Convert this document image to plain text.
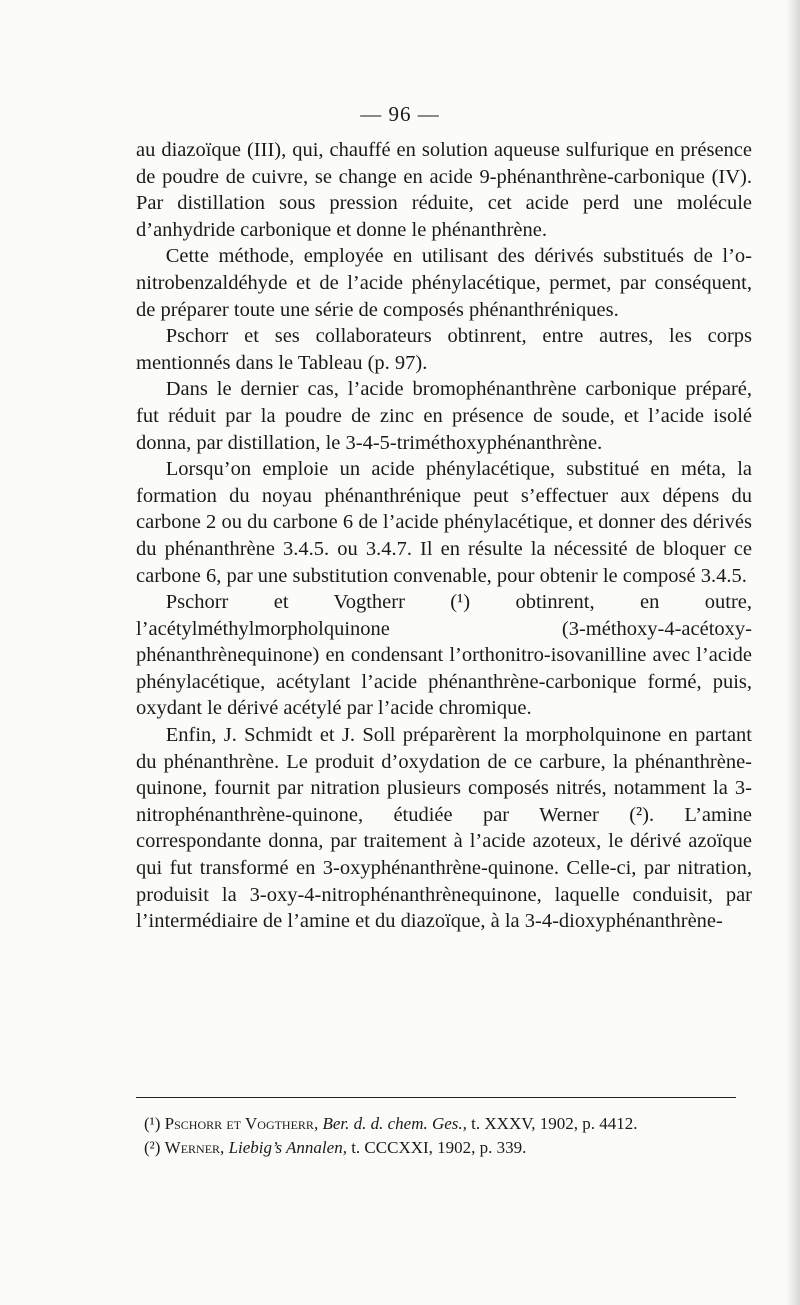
— 96 —

au diazoïque (III), qui, chauffé en solution aqueuse sulfurique en présence de poudre de cuivre, se change en acide 9-phénanthrène-carbonique (IV). Par distillation sous pression réduite, cet acide perd une molécule d’anhydride carbonique et donne le phénanthrène.

Cette méthode, employée en utilisant des dérivés substitués de l’o-nitrobenzaldéhyde et de l’acide phénylacétique, permet, par conséquent, de préparer toute une série de composés phénanthréniques.

Pschorr et ses collaborateurs obtinrent, entre autres, les corps mentionnés dans le Tableau (p. 97).

Dans le dernier cas, l’acide bromophénanthrène carbonique préparé, fut réduit par la poudre de zinc en présence de soude, et l’acide isolé donna, par distillation, le 3-4-5-triméthoxyphénanthrène.

Lorsqu’on emploie un acide phénylacétique, substitué en méta, la formation du noyau phénanthrénique peut s’effectuer aux dépens du carbone 2 ou du carbone 6 de l’acide phénylacétique, et donner des dérivés du phénanthrène 3.4.5. ou 3.4.7. Il en résulte la nécessité de bloquer ce carbone 6, par une substitution convenable, pour obtenir le composé 3.4.5.

Pschorr et Vogtherr (¹) obtinrent, en outre, l’acétylméthylmorpholquinone (3-méthoxy-4-acétoxy-phénanthrènequinone) en condensant l’orthonitro-isovanilline avec l’acide phénylacétique, acétylant l’acide phénanthrène-carbonique formé, puis, oxydant le dérivé acétylé par l’acide chromique.

Enfin, J. Schmidt et J. Soll préparèrent la morpholquinone en partant du phénanthrène. Le produit d’oxydation de ce carbure, la phénanthrène-quinone, fournit par nitration plusieurs composés nitrés, notamment la 3-nitrophénanthrène-quinone, étudiée par Werner (²). L’amine correspondante donna, par traitement à l’acide azoteux, le dérivé azoïque qui fut transformé en 3-oxyphénanthrène-quinone. Celle-ci, par nitration, produisit la 3-oxy-4-nitrophénanthrènequinone, laquelle conduisit, par l’intermédiaire de l’amine et du diazoïque, à la 3-4-dioxyphénanthrène-

(¹) Pschorr et Vogtherr, Ber. d. d. chem. Ges., t. XXXV, 1902, p. 4412.
(²) Werner, Liebig’s Annalen, t. CCCXXI, 1902, p. 339.
